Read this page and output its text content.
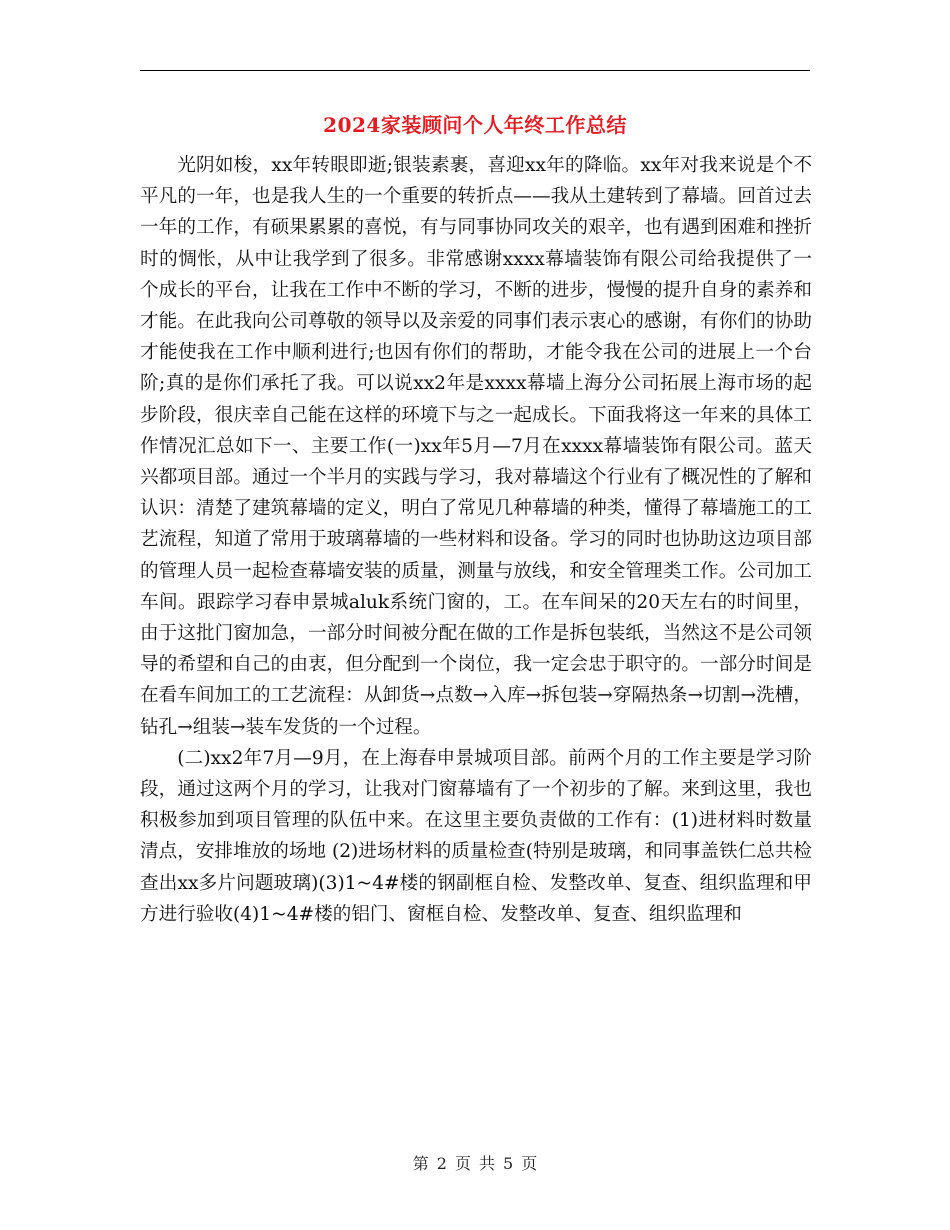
2024家装顾问个人年终工作总结

光阴如梭，xx年转眼即逝;银装素裹，喜迎xx年的降临。xx年对我来说是个不平凡的一年，也是我人生的一个重要的转折点——我从土建转到了幕墙。回首过去一年的工作，有硕果累累的喜悦，有与同事协同攻关的艰辛，也有遇到困难和挫折时的惆怅，从中让我学到了很多。非常感谢xxxx幕墙装饰有限公司给我提供了一个成长的平台，让我在工作中不断的学习，不断的进步，慢慢的提升自身的素养和才能。在此我向公司尊敬的领导以及亲爱的同事们表示衷心的感谢，有你们的协助才能使我在工作中顺利进行;也因有你们的帮助，才能令我在公司的进展上一个台阶;真的是你们承托了我。可以说xx2年是xxxx幕墙上海分公司拓展上海市场的起步阶段，很庆幸自己能在这样的环境下与之一起成长。下面我将这一年来的具体工作情况汇总如下一、主要工作(一)xx年5月—7月在xxxx幕墙装饰有限公司。蓝天兴都项目部。通过一个半月的实践与学习，我对幕墙这个行业有了概况性的了解和认识：清楚了建筑幕墙的定义，明白了常见几种幕墙的种类，懂得了幕墙施工的工艺流程，知道了常用于玻璃幕墙的一些材料和设备。学习的同时也协助这边项目部的管理人员一起检查幕墙安装的质量，测量与放线，和安全管理类工作。公司加工车间。跟踪学习春申景城aluk系统门窗的，工。在车间呆的20天左右的时间里，由于这批门窗加急，一部分时间被分配在做的工作是拆包装纸，当然这不是公司领导的希望和自己的由衷，但分配到一个岗位，我一定会忠于职守的。一部分时间是在看车间加工的工艺流程：从卸货→点数→入库→拆包装→穿隔热条→切割→洗槽，钻孔→组装→装车发货的一个过程。

(二)xx2年7月—9月，在上海春申景城项目部。前两个月的工作主要是学习阶段，通过这两个月的学习，让我对门窗幕墙有了一个初步的了解。来到这里，我也积极参加到项目管理的队伍中来。在这里主要负责做的工作有：(1)进材料时数量清点，安排堆放的场地 (2)进场材料的质量检查(特别是玻璃，和同事盖铁仁总共检查出xx多片问题玻璃)(3)1~4#楼的钢副框自检、发整改单、复查、组织监理和甲方进行验收(4)1~4#楼的铝门、窗框自检、发整改单、复查、组织监理和

第 2 页 共 5 页
